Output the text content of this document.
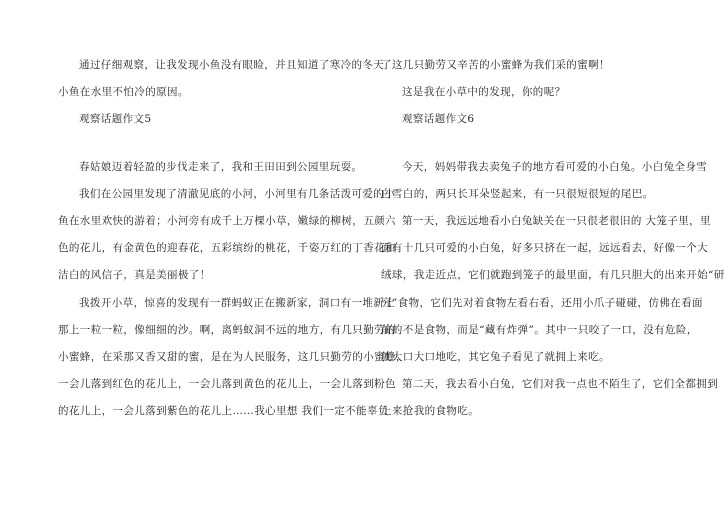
通过仔细观察，让我发现小鱼没有眼睑，并且知道了寒冷的冬天
小鱼在水里不怕冷的原因。
观察话题作文5
春姑娘迈着轻盈的步伐走来了，我和王田田到公园里玩耍。
我们在公园里发现了清澈见底的小河，小河里有几条活泼可爱的小
鱼在水里欢快的游着；小河旁有成千上万棵小草，嫩绿的柳树，五颜六
色的花儿，有金黄色的迎春花，五彩缤纷的桃花，千姿万红的丁香花和
洁白的风信子，真是美丽极了！
我拨开小草，惊喜的发现有一群蚂蚁正在搬新家，洞口有一堆新土
那上一粒一粒，像细细的沙。啊，离蚂蚁洞不远的地方，有几只勤劳的
小蜜蜂，在采那又香又甜的蜜，是在为人民服务，这几只勤劳的小蜜蜂，
一会儿落到红色的花儿上，一会儿落到黄色的花儿上，一会儿落到粉色
的花儿上，一会儿落到紫色的花儿上……我心里想 我们一定不能辜负
了这几只勤劳又辛苦的小蜜蜂为我们采的蜜啊！
这是我在小草中的发现，你的呢？
观察话题作文6
今天，妈妈带我去卖兔子的地方看可爱的小白兔。小白兔全身雪
白雪白的，两只长耳朵竖起来，有一只很短很短的尾巴。
第一天，我远远地看小白兔缺关在一只很老很旧的 大笼子里，里
面有十几只可爱的小白兔，好多只挤在一起，远远看去，好像一个大
绒球，我走近点，它们就跑到笼子的最里面，有几只胆大的出来开始“研
究”食物，它们先对着食物左看右看，还用小爪子碰碰，仿佛在看面
前的不是食物，而是“藏有炸弹”。其中一只咬了一口，没有危险，
就大口大口地吃，其它兔子看见了就拥上来吃。
第二天，我去看小白兔，它们对我一点也不陌生了，它们全都拥到
上来抢我的食物吃。
